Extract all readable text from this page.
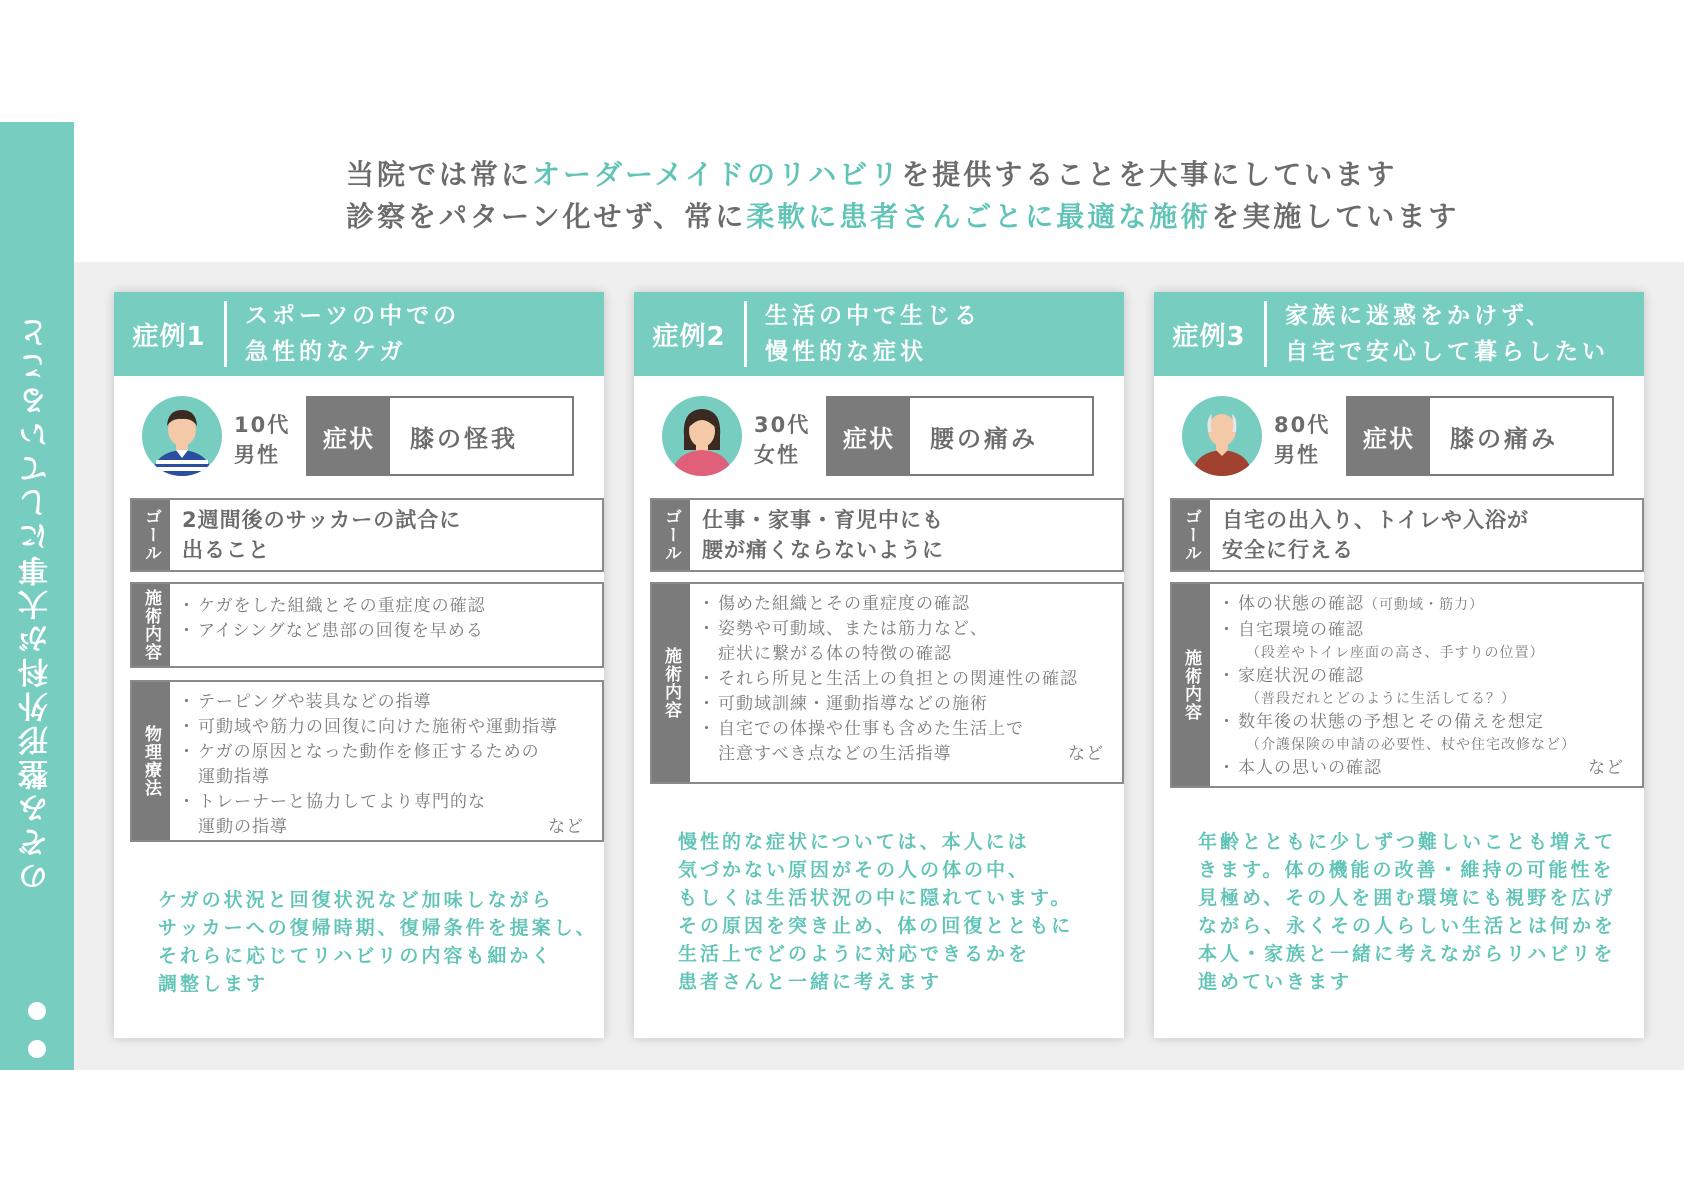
のぞみ整形外科が大事にしていること
16
当院では常にオーダーメイドのリハビリを提供することを大事にしています
診察をパターン化せず、常に柔軟に患者さんごとに最適な施術を実施しています
症例1
スポーツの中での
急性的なケガ
10代
男性
症状	膝の怪我
ゴール 2週間後のサッカーの試合に
出ること
施術内容
・	ケガをした組織とその重症度の確認
・ アイシングなど患部の回復を早める
物理療法
・ テーピングや装具などの指導
・ 可動域や筋力の回復に向けた施術や運動指導
・ ケガの原因となった動作を修正するための
運動指導
・ トレーナーと協力してより専門的な
運動の指導	など
ケガの状況と回復状況など加味しながら
サッカーへの復帰時期、復帰条件を提案し、
それらに応じてリハビリの内容も細かく
調整します
症例2
生活の中で生じる
慢性的な症状
30代
女性
症状	腰の痛み
ゴール 仕事・家事・育児中にも
腰が痛くならないように
施術内容
・ 傷めた組織とその重症度の確認
・ 姿勢や可動域、または筋力など、
症状に繋がる体の特徴の確認
・ それら所見と生活上の負担との関連性の確認
・ 可動域訓練・運動指導などの施術
・ 自宅での体操や仕事も含めた生活上で
注意すべき点などの生活指導	など
慢性的な症状については、本人には
気づかない原因がその人の体の中、
もしくは生活状況の中に隠れています。
その原因を突き止め、体の回復とともに
生活上でどのように対応できるかを
患者さんと一緒に考えます
症例3
家族に迷惑をかけず、
自宅で安心して暮らしたい
80代
男性
症状	膝の痛み
ゴール 自宅の出入り、トイレや入浴が
安全に行える
施術内容
・ 体の状態の確認（可動域・筋力）
・ 自宅環境の確認
（段差やトイレ座面の高さ、手すりの位置）
・ 家庭状況の確認
（普段だれとどのように生活してる？）
・ 数年後の状態の予想とその備えを想定
（介護保険の申請の必要性、杖や住宅改修など）
・ 本人の思いの確認	など
年齢とともに少しずつ難しいことも増えて
きます。体の機能の改善・維持の可能性を
見極め、その人を囲む環境にも視野を広げ
ながら、永くその人らしい生活とは何かを
本人・家族と一緒に考えながらリハビリを
進めていきます
